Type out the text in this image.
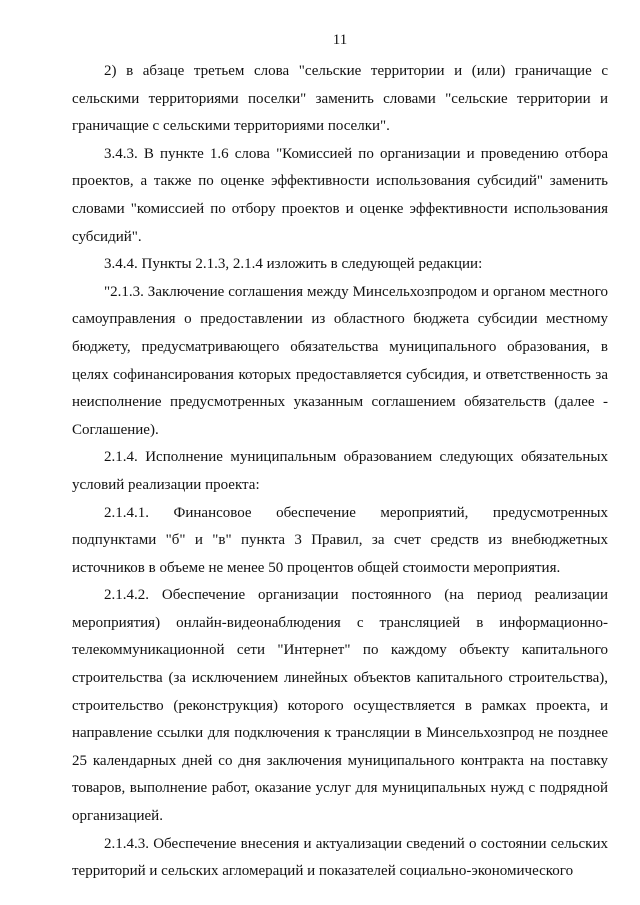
11

2) в абзаце третьем слова "сельские территории и (или) граничащие с сельскими территориями поселки" заменить словами "сельские территории и граничащие с сельскими территориями поселки".

3.4.3. В пункте 1.6 слова "Комиссией по организации и проведению отбора проектов, а также по оценке эффективности использования субсидий" заменить словами "комиссией по отбору проектов и оценке эффективности использования субсидий".

3.4.4. Пункты 2.1.3, 2.1.4 изложить в следующей редакции:

"2.1.3. Заключение соглашения между Минсельхозпродом и органом местного самоуправления о предоставлении из областного бюджета субсидии местному бюджету, предусматривающего обязательства муниципального образования, в целях софинансирования которых предоставляется субсидия, и ответственность за неисполнение предусмотренных указанным соглашением обязательств (далее - Соглашение).

2.1.4. Исполнение муниципальным образованием следующих обязательных условий реализации проекта:

2.1.4.1. Финансовое обеспечение мероприятий, предусмотренных подпунктами "б" и "в" пункта 3 Правил, за счет средств из внебюджетных источников в объеме не менее 50 процентов общей стоимости мероприятия.

2.1.4.2. Обеспечение организации постоянного (на период реализации мероприятия) онлайн-видеонаблюдения с трансляцией в информационно-телекоммуникационной сети "Интернет" по каждому объекту капитального строительства (за исключением линейных объектов капитального строительства), строительство (реконструкция) которого осуществляется в рамках проекта, и направление ссылки для подключения к трансляции в Минсельхозпрод не позднее 25 календарных дней со дня заключения муниципального контракта на поставку товаров, выполнение работ, оказание услуг для муниципальных нужд с подрядной организацией.

2.1.4.3. Обеспечение внесения и актуализации сведений о состоянии сельских территорий и сельских агломераций и показателей социально-экономического
